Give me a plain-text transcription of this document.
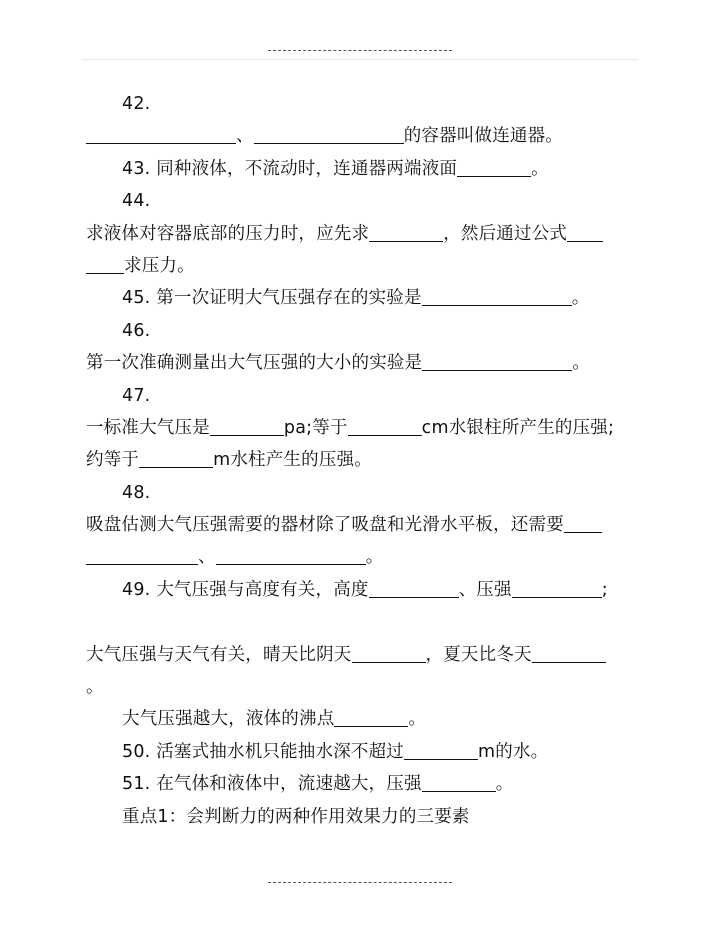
42.
、	的容器叫做连通器。
43. 同种液体，不流动时，连通器两端液面	。
44.
求液体对容器底部的压力时，应先求	，然后通过公式
求压力。
45. 第一次证明大气压强存在的实验是	。
46.
第一次准确测量出大气压强的大小的实验是	。
47.
一标准大气压是	pa;等于	cm水银柱所产生的压强;
约等于	m水柱产生的压强。
48.
吸盘估测大气压强需要的器材除了吸盘和光滑水平板，还需要
、	。
49. 大气压强与高度有关，高度	、压强	;
大气压强与天气有关，晴天比阴天	，夏天比冬天
。
大气压强越大，液体的沸点	。
50. 活塞式抽水机只能抽水深不超过	m的水。
51. 在气体和液体中，流速越大，压强	。
重点1：会判断力的两种作用效果力的三要素
